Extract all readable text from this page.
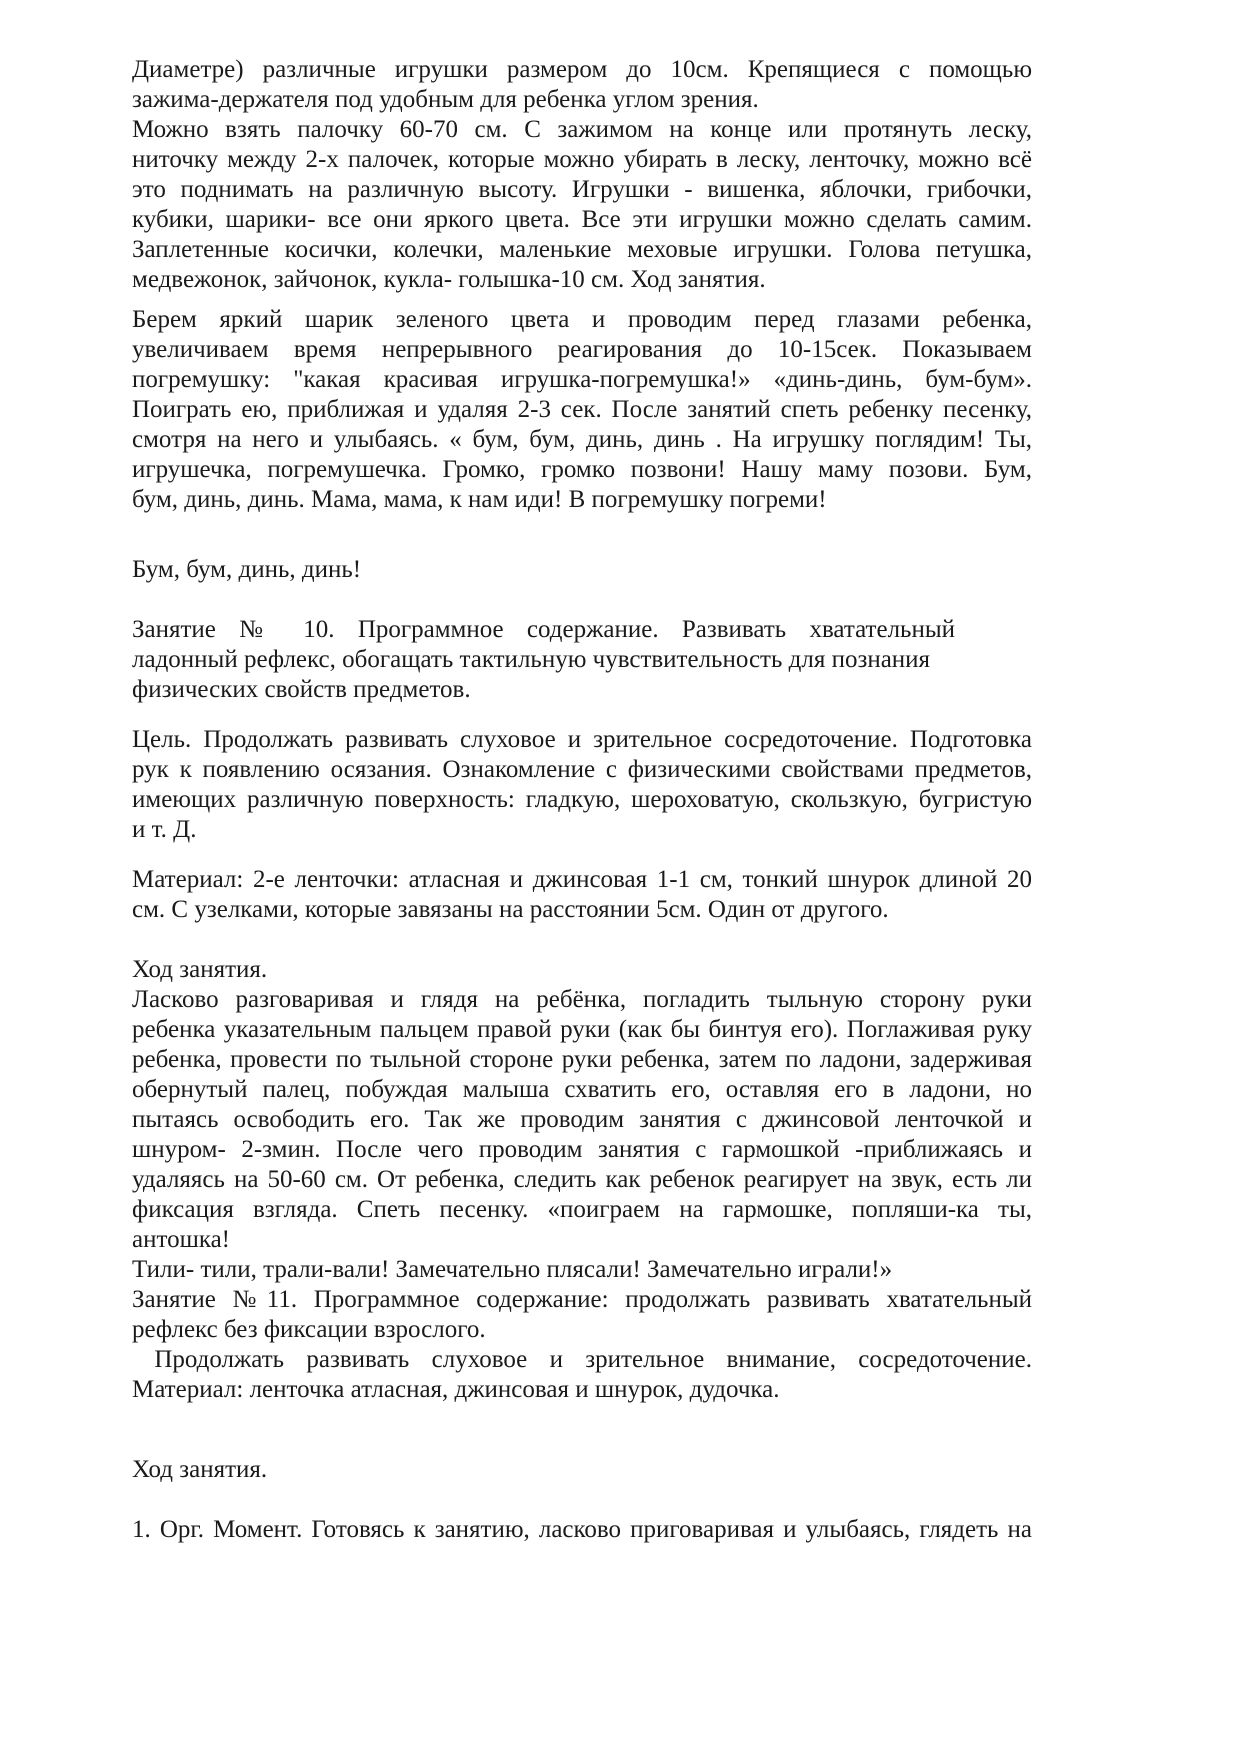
Диаметре) различные игрушки размером до 10см. Крепящиеся с помощью
зажима-держателя под удобным для ребенка углом зрения.
Можно взять палочку 60-70 см. С зажимом на конце или протянуть леску,
ниточку между 2-х палочек, которые можно убирать в леску, ленточку, можно всё
это поднимать на различную высоту. Игрушки - вишенка, яблочки, грибочки,
кубики, шарики- все они яркого цвета. Все эти игрушки можно сделать самим.
Заплетенные косички, колечки, маленькие меховые игрушки. Голова петушка,
медвежонок, зайчонок, кукла- голышка-10 см. Ход занятия.
Берем яркий шарик зеленого цвета и проводим перед глазами ребенка,
увеличиваем время непрерывного реагирования до 10-15сек. Показываем
погремушку: "какая красивая игрушка-погремушка!» «динь-динь, бум-бум».
Поиграть ею, приближая и удаляя 2-3 сек. После занятий спеть ребенку песенку,
смотря на него и улыбаясь. « бум, бум, динь, динь . На игрушку поглядим! Ты,
игрушечка, погремушечка. Громко, громко позвони! Нашу маму позови. Бум,
бум, динь, динь. Мама, мама, к нам иди! В погремушку погреми!
Бум, бум, динь, динь!
Занятие № 10. Программное содержание. Развивать хватательный
ладонный рефлекс, обогащать тактильную чувствительность для познания
физических свойств предметов.
Цель. Продолжать развивать слуховое и зрительное сосредоточение. Подготовка
рук к появлению осязания. Ознакомление с физическими свойствами предметов,
имеющих различную поверхность: гладкую, шероховатую, скользкую, бугристую
и т. Д.
Материал: 2-е ленточки: атласная и джинсовая 1-1 см, тонкий шнурок длиной 20
см. С узелками, которые завязаны на расстоянии 5см. Один от другого.
Ход занятия.
Ласково разговаривая и глядя на ребёнка, погладить тыльную сторону руки
ребенка указательным пальцем правой руки (как бы бинтуя его). Поглаживая руку
ребенка, провести по тыльной стороне руки ребенка, затем по ладони, задерживая
обернутый палец, побуждая малыша схватить его, оставляя его в ладони, но
пытаясь освободить его. Так же проводим занятия с джинсовой ленточкой и
шнуром- 2-змин. После чего проводим занятия с гармошкой -приближаясь и
удаляясь на 50-60 см. От ребенка, следить как ребенок реагирует на звук, есть ли
фиксация взгляда. Спеть песенку. «поиграем на гармошке, попляши-ка ты,
антошка!
Тили- тили, трали-вали! Замечательно плясали! Замечательно играли!»
Занятие №11. Программное содержание: продолжать развивать хватательный
рефлекс без фиксации взрослого.
Продолжать развивать слуховое и зрительное внимание, сосредоточение.
Материал: ленточка атласная, джинсовая и шнурок, дудочка.
Ход занятия.
1. Орг. Момент. Готовясь к занятию, ласково приговаривая и улыбаясь, глядеть на
